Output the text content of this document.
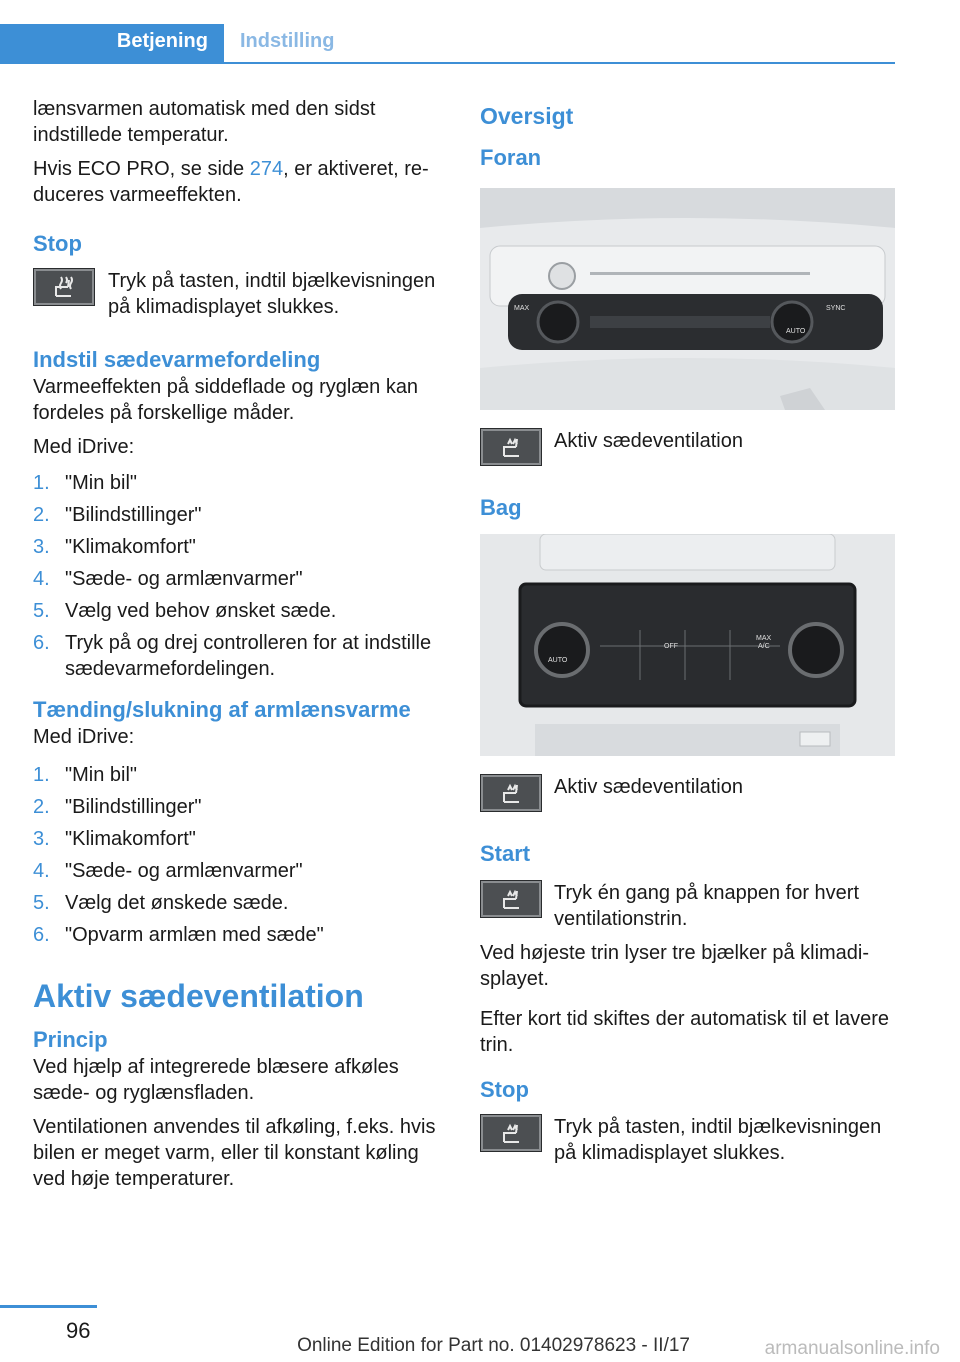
Betjening	Indstilling

lænsvarmen automatisk med den sidst indstillede temperatur.

Hvis ECO PRO, se side 274, er aktiveret, reduceres varmeeffekten.

Stop

Tryk på tasten, indtil bjælkevisningen på klimadisplayet slukkes.

Indstil sædevarmefordeling

Varmeeffekten på siddeflade og ryglæn kan fordeles på forskellige måder.

Med iDrive:

1. "Min bil"
2. "Bilindstillinger"
3. "Klimakomfort"
4. "Sæde- og armlænvarmer"
5. Vælg ved behov ønsket sæde.
6. Tryk på og drej controlleren for at indstille sædevarmefordelingen.
Tænding/slukning af armlænsvarme

Med iDrive:

1. "Min bil"
2. "Bilindstillinger"
3. "Klimakomfort"
4. "Sæde- og armlænvarmer"
5. Vælg det ønskede sæde.
6. "Opvarm armlæn med sæde"
Aktiv sædeventilation
Princip

Ved hjælp af integrerede blæsere afkøles sæde- og ryglænsfladen.

Ventilationen anvendes til afkøling, f.eks. hvis bilen er meget varm, eller til konstant køling ved høje temperaturer.

Oversigt
Foran
MAX	SYNC
AUTO

Aktiv sædeventilation

Bag
AUTO
MAX
A/C
OFF

Aktiv sædeventilation

Start

Tryk én gang på knappen for hvert ventilationstrin.

Ved højeste trin lyser tre bjælker på klimadisplayet.

Efter kort tid skiftes der automatisk til et lavere trin.

Stop

Tryk på tasten, indtil bjælkevisningen på klimadisplayet slukkes.

96
Online Edition for Part no. 01402978623 - II/17	armanualsonline.info
